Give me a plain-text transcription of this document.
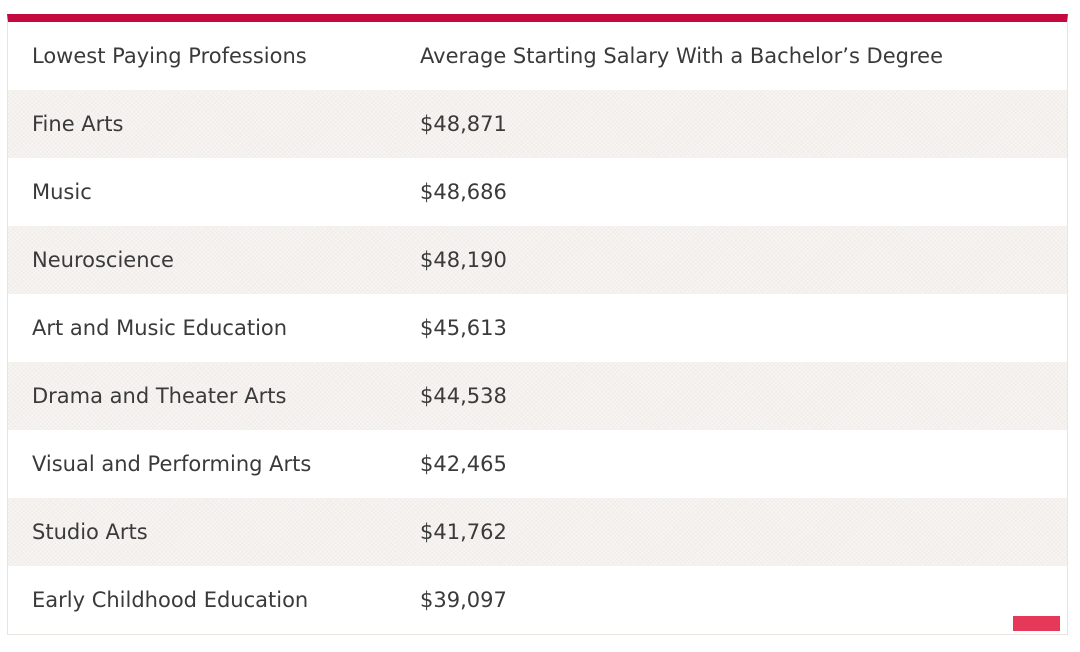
Lowest Paying Professions	Average Starting Salary With a Bachelor’s Degree
Fine Arts	$48,871
Music	$48,686
Neuroscience	$48,190
Art and Music Education	$45,613
Drama and Theater Arts	$44,538
Visual and Performing Arts	$42,465
Studio Arts	$41,762
Early Childhood Education	$39,097
